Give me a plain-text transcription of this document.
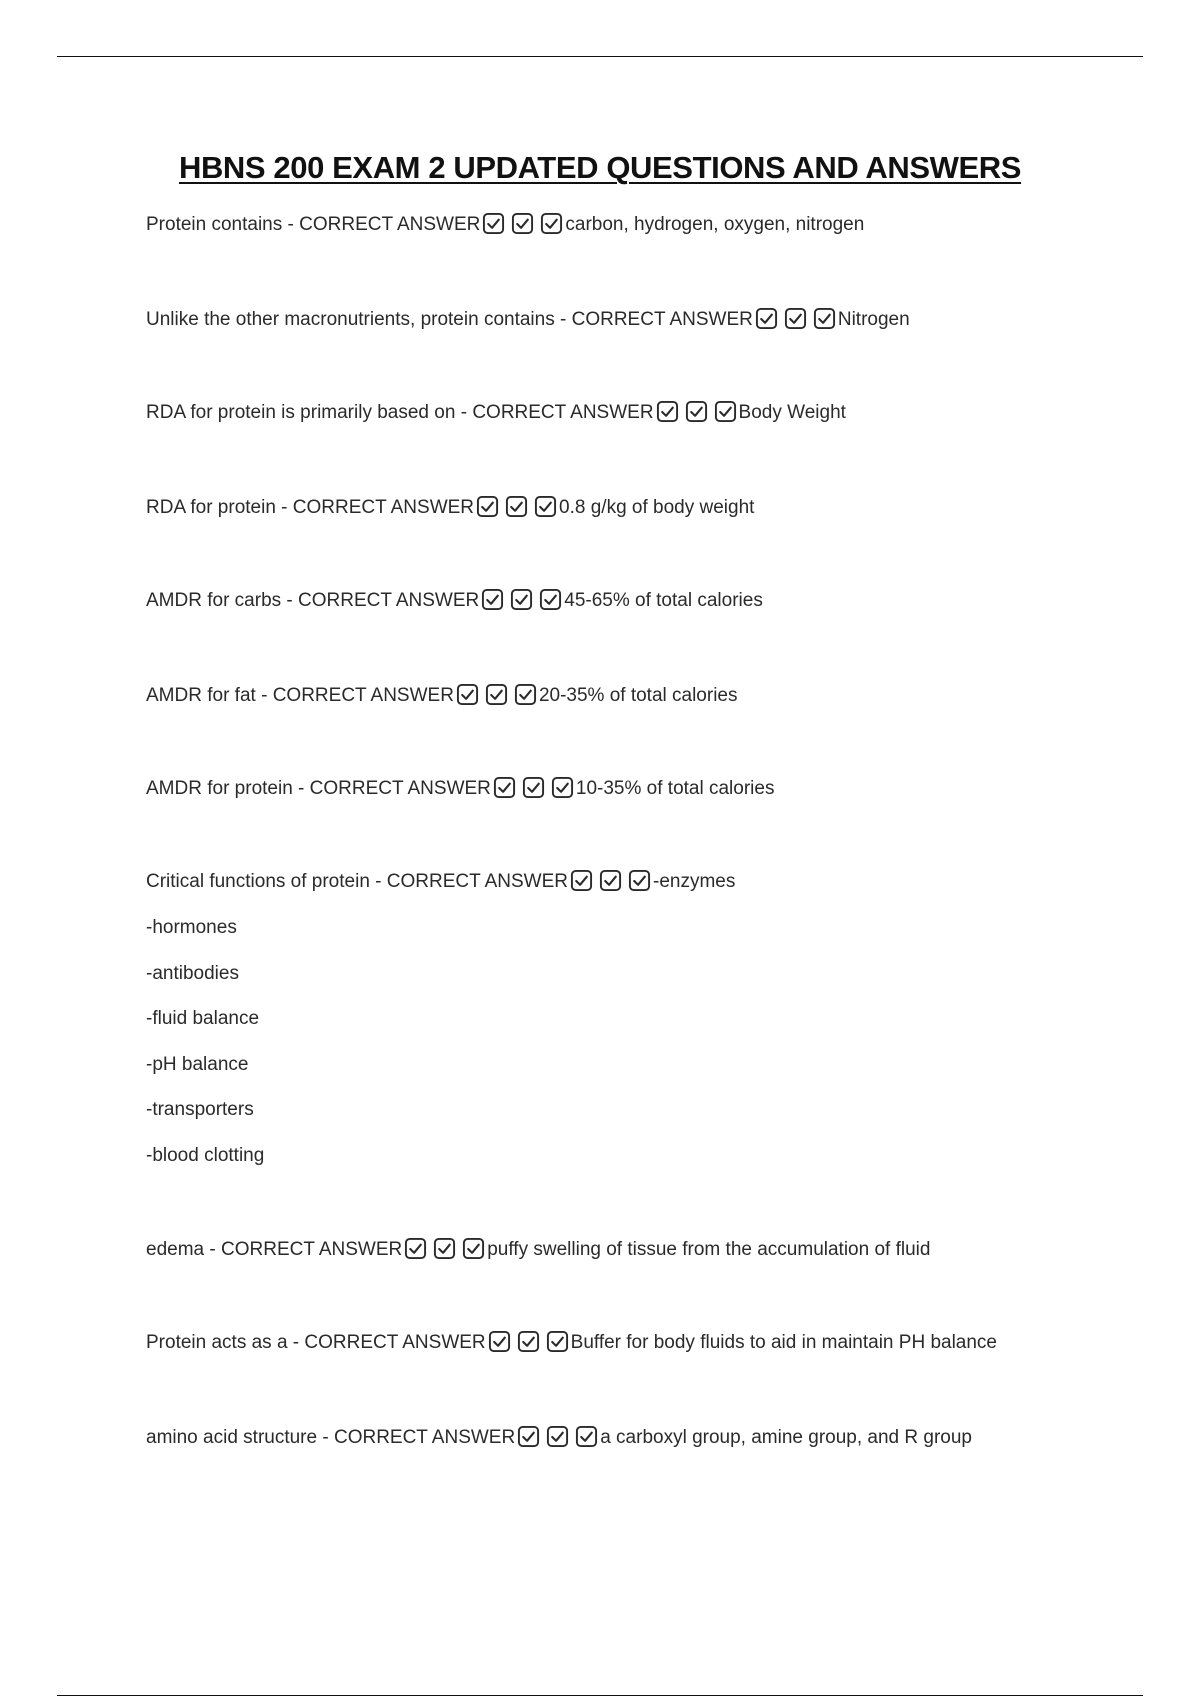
HBNS 200 EXAM 2 UPDATED QUESTIONS AND ANSWERS
Protein contains - CORRECT ANSWER	carbon, hydrogen, oxygen, nitrogen
Unlike the other macronutrients, protein contains - CORRECT ANSWER	Nitrogen
RDA for protein is primarily based on - CORRECT ANSWER	Body Weight
RDA for protein - CORRECT ANSWER	0.8 g/kg of body weight
AMDR for carbs - CORRECT ANSWER	45-65% of total calories
AMDR for fat - CORRECT ANSWER	20-35% of total calories
AMDR for protein - CORRECT ANSWER	10-35% of total calories
Critical functions of protein - CORRECT ANSWER	-enzymes
-hormones
-antibodies
-fluid balance
-pH balance
-transporters
-blood clotting
edema - CORRECT ANSWER	puffy swelling of tissue from the accumulation of fluid
Protein acts as a - CORRECT ANSWER	Buffer for body fluids to aid in maintain PH balance
amino acid structure - CORRECT ANSWER	a carboxyl group, amine group, and R group
